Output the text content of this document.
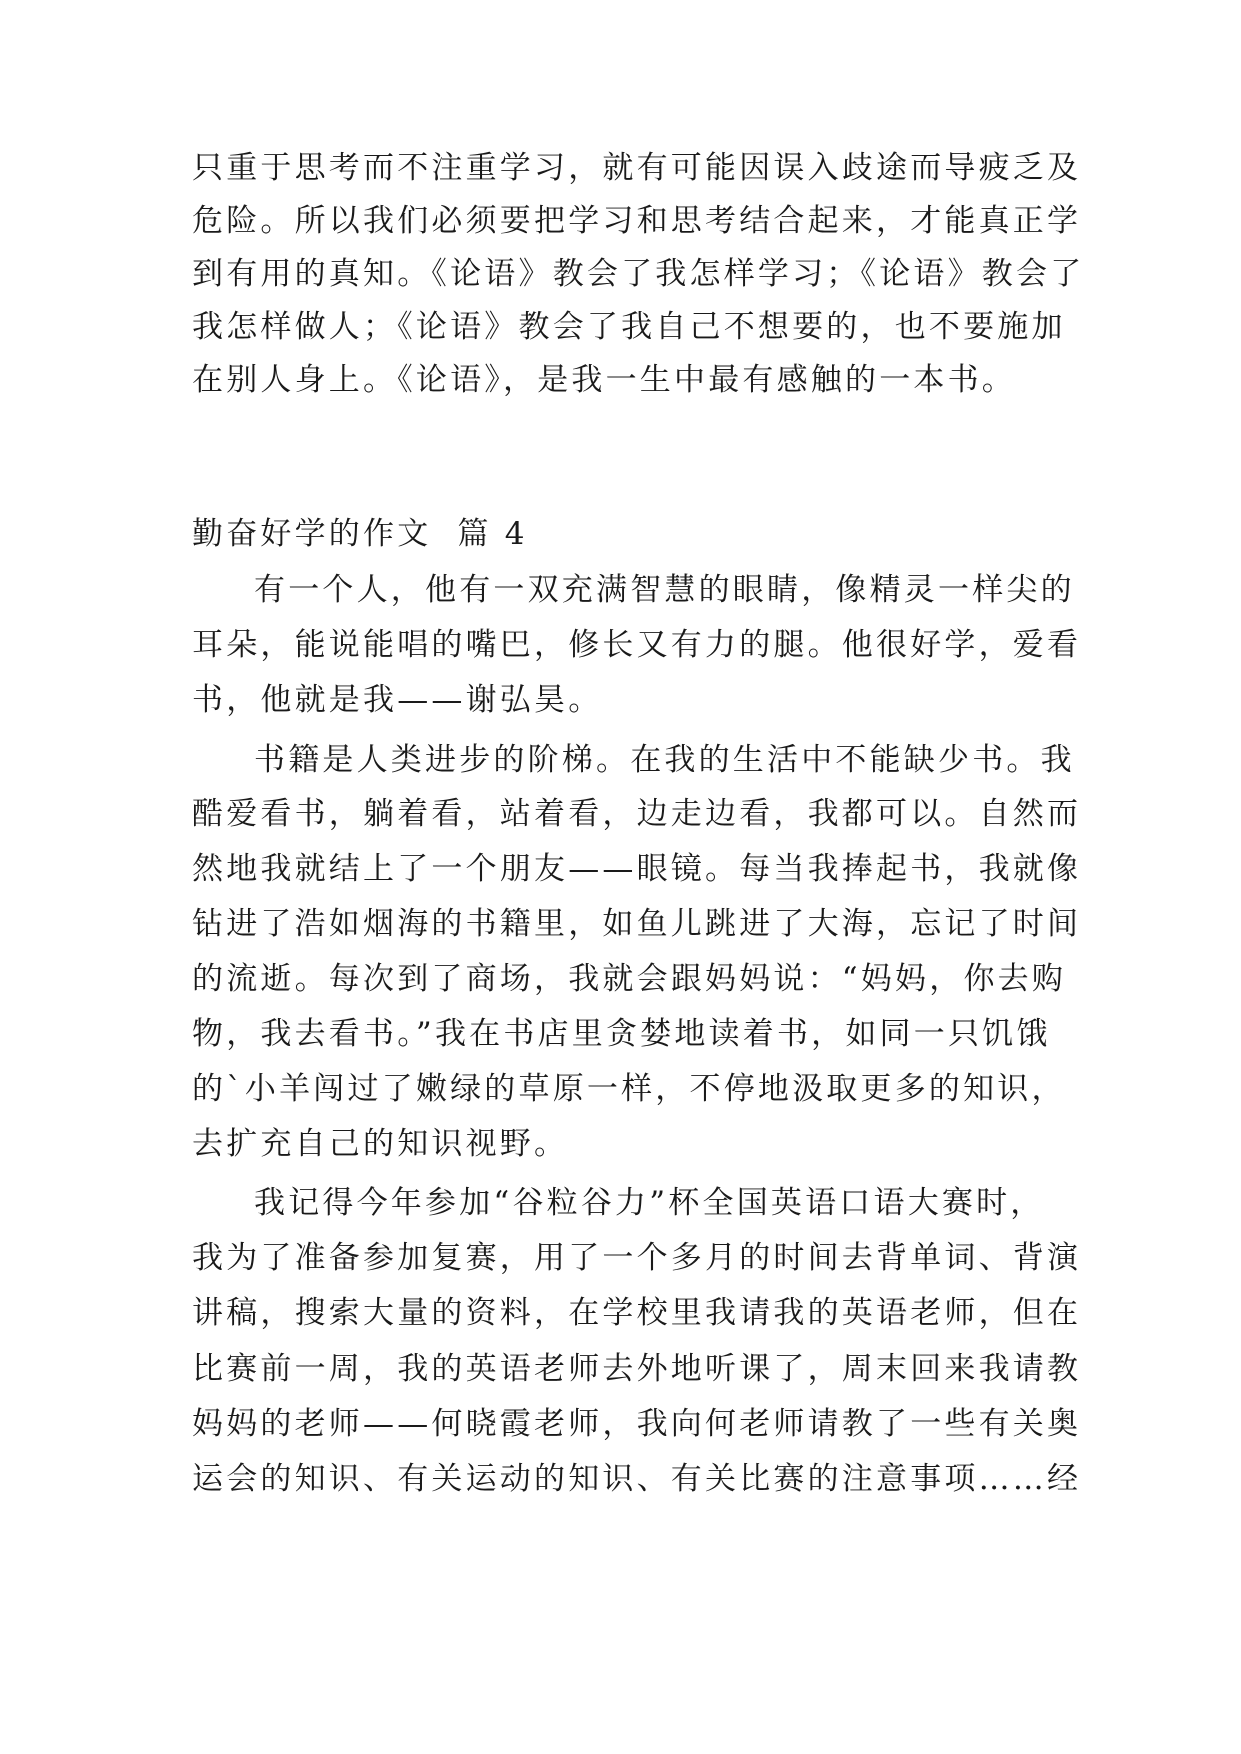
只重于思考而不注重学习，就有可能因误入歧途而导疲乏及
危险。所以我们必须要把学习和思考结合起来，才能真正学
到有用的真知。《论语》教会了我怎样学习；《论语》教会了
我怎样做人；《论语》教会了我自己不想要的，也不要施加
在别人身上。《论语》，是我一生中最有感触的一本书。
勤奋好学的作文  篇 4
有一个人，他有一双充满智慧的眼睛，像精灵一样尖的
耳朵，能说能唱的嘴巴，修长又有力的腿。他很好学，爱看
书，他就是我——谢弘昊。
书籍是人类进步的阶梯。在我的生活中不能缺少书。我
酷爱看书，躺着看，站着看，边走边看，我都可以。自然而
然地我就结上了一个朋友——眼镜。每当我捧起书，我就像
钻进了浩如烟海的书籍里，如鱼儿跳进了大海，忘记了时间
的流逝。每次到了商场，我就会跟妈妈说：“妈妈，你去购
物，我去看书。”我在书店里贪婪地读着书，如同一只饥饿
的`小羊闯过了嫩绿的草原一样，不停地汲取更多的知识，
去扩充自己的知识视野。
我记得今年参加“谷粒谷力”杯全国英语口语大赛时，
我为了准备参加复赛，用了一个多月的时间去背单词、背演
讲稿，搜索大量的资料，在学校里我请我的英语老师，但在
比赛前一周，我的英语老师去外地听课了，周末回来我请教
妈妈的老师——何晓霞老师，我向何老师请教了一些有关奥
运会的知识、有关运动的知识、有关比赛的注意事项……经
